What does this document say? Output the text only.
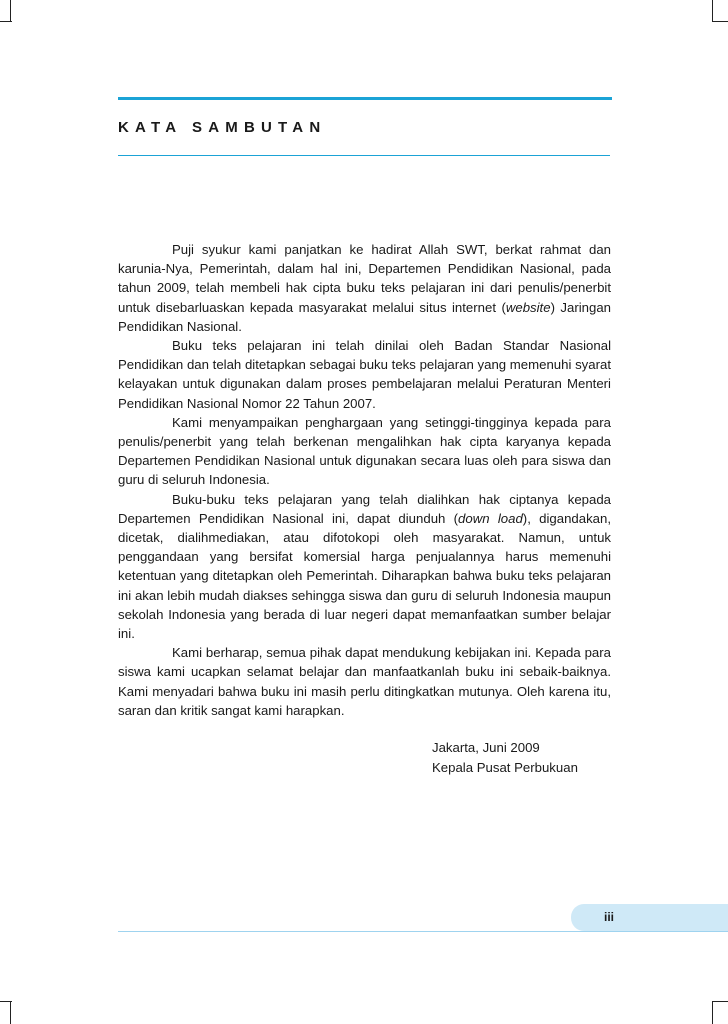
KATA SAMBUTAN

Puji syukur kami panjatkan ke hadirat Allah SWT, berkat rahmat dan karunia-Nya, Pemerintah, dalam hal ini, Departemen Pendidikan Nasional, pada tahun 2009, telah membeli hak cipta buku teks pelajaran ini dari penulis/penerbit untuk disebarluaskan kepada masyarakat melalui situs internet (website) Jaringan Pendidikan Nasional.

Buku teks pelajaran ini telah dinilai oleh Badan Standar Nasional Pendidikan dan telah ditetapkan sebagai buku teks pelajaran yang memenuhi syarat kelayakan untuk digunakan dalam proses pembelajaran melalui Peraturan Menteri Pendidikan Nasional Nomor 22 Tahun 2007.

Kami menyampaikan penghargaan yang setinggi-tingginya kepada para penulis/penerbit yang telah berkenan mengalihkan hak cipta karyanya kepada Departemen Pendidikan Nasional untuk digunakan secara luas oleh para siswa dan guru di seluruh Indonesia.

Buku-buku teks pelajaran yang telah dialihkan hak ciptanya kepada Departemen Pendidikan Nasional ini, dapat diunduh (down load), digandakan, dicetak, dialihmediakan, atau difotokopi oleh masyarakat. Namun, untuk penggandaan yang bersifat komersial harga penjualannya harus memenuhi ketentuan yang ditetapkan oleh Pemerintah. Diharapkan bahwa buku teks pelajaran ini akan lebih mudah diakses sehingga siswa dan guru di seluruh Indonesia maupun sekolah Indonesia yang berada di luar negeri dapat memanfaatkan sumber belajar ini.

Kami berharap, semua pihak dapat mendukung kebijakan ini. Kepada para siswa kami ucapkan selamat belajar dan manfaatkanlah buku ini sebaik-baiknya. Kami menyadari bahwa buku ini masih perlu ditingkatkan mutunya. Oleh karena itu, saran dan kritik sangat kami harapkan.

Jakarta, Juni 2009
Kepala Pusat Perbukuan
iii
